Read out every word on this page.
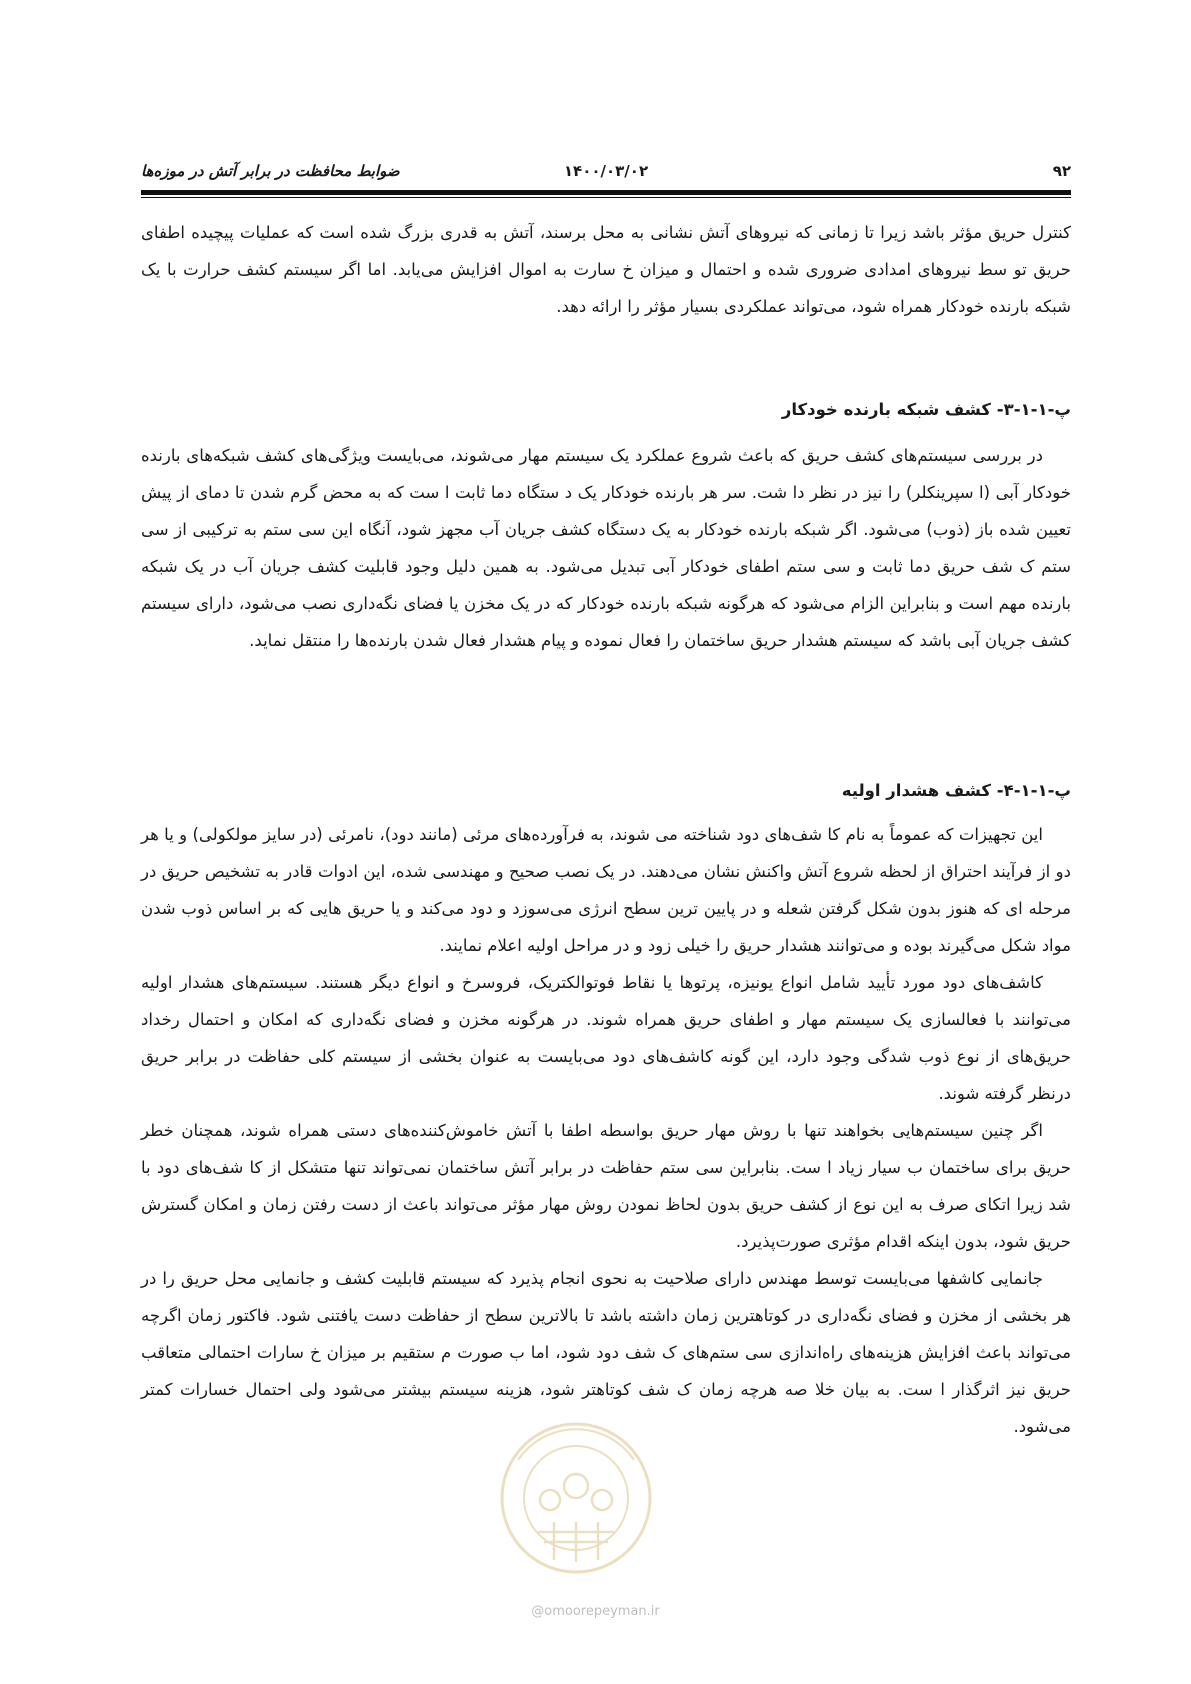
۹۲
۱۴۰۰/۰۳/۰۲
ضوابط محافظت در برابر آتش در موزه‌ها

کنترل حریق مؤثر باشد زیرا تا زمانی که نیروهای آتش نشانی به محل برسند، آتش به قدری بزرگ شده است که عملیات پیچیده اطفای حریق تو سط نیروهای امدادی ضروری شده و احتمال و میزان خ سارت به اموال افزایش می‌یابد. اما اگر سیستم کشف حرارت با یک شبکه بارنده خودکار همراه شود، می‌تواند عملکردی بسیار مؤثر را ارائه دهد.

پ-۱-۱-۳- کشف شبکه بارنده خودکار

در بررسی سیستم‌های کشف حریق که باعث شروع عملکرد یک سیستم مهار می‌شوند، می‌بایست ویژگی‌های کشف شبکه‌های بارنده خودکار آبی (ا سپرینکلر) را نیز در نظر دا شت. سر هر بارنده خودکار یک د ستگاه دما ثابت ا ست که به محض گرم شدن تا دمای از پیش تعیین شده باز (ذوب) می‌شود. اگر شبکه بارنده خودکار به یک دستگاه کشف جریان آب مجهز شود، آنگاه این سی ستم به ترکیبی از سی ستم ک شف حریق دما ثابت و سی ستم اطفای خودکار آبی تبدیل می‌شود. به همین دلیل وجود قابلیت کشف جریان آب در یک شبکه بارنده مهم است و بنابراین الزام می‌شود که هرگونه شبکه بارنده خودکار که در یک مخزن یا فضای نگه‌داری نصب می‌شود، دارای سیستم کشف جریان آبی باشد که سیستم هشدار حریق ساختمان را فعال نموده و پیام هشدار فعال شدن بارنده‌ها را منتقل نماید.

پ-۱-۱-۴- کشف هشدار اولیه

این تجهیزات که عموماً به نام کا شف‌های دود شناخته می شوند، به فرآورده‌های مرئی (مانند دود)، نامرئی (در سایز مولکولی) و یا هر دو از فرآیند احتراق از لحظه شروع آتش واکنش نشان می‌دهند. در یک نصب صحیح و مهندسی شده، این ادوات قادر به تشخیص حریق در مرحله ای که هنوز بدون شکل گرفتن شعله و در پایین ترین سطح انرژی می‌سوزد و دود می‌کند و یا حریق هایی که بر اساس ذوب شدن مواد شکل می‌گیرند بوده و می‌توانند هشدار حریق را خیلی زود و در مراحل اولیه اعلام نمایند.

کاشف‌های دود مورد تأیید شامل انواع یونیزه، پرتوها یا نقاط فوتوالکتریک، فروسرخ و انواع دیگر هستند. سیستم‌های هشدار اولیه می‌توانند با فعالسازی یک سیستم مهار و اطفای حریق همراه شوند. در هرگونه مخزن و فضای نگه‌داری که امکان و احتمال رخداد حریق‌های از نوع ذوب شدگی وجود دارد، این گونه کاشف‌های دود می‌بایست به عنوان بخشی از سیستم کلی حفاظت در برابر حریق درنظر گرفته شوند.

اگر چنین سیستم‌هایی بخواهند تنها با روش مهار حریق بواسطه اطفا با آتش خاموش‌کننده‌های دستی همراه شوند، همچنان خطر حریق برای ساختمان ب سیار زیاد ا ست. بنابراین سی ستم حفاظت در برابر آتش ساختمان نمی‌تواند تنها متشکل از کا شف‌های دود با شد زیرا اتکای صرف به این نوع از کشف حریق بدون لحاظ نمودن روش مهار مؤثر می‌تواند باعث از دست رفتن زمان و امکان گسترش حریق شود، بدون اینکه اقدام مؤثری صورت‌پذیرد.

جانمایی کاشفها می‌بایست توسط مهندس دارای صلاحیت به نحوی انجام پذیرد که سیستم قابلیت کشف و جانمایی محل حریق را در هر بخشی از مخزن و فضای نگه‌داری در کوتاهترین زمان داشته باشد تا بالاترین سطح از حفاظت دست یافتنی شود. فاکتور زمان اگرچه می‌تواند باعث افزایش هزینه‌های راه‌اندازی سی ستم‌های ک شف دود شود، اما ب صورت م ستقیم بر میزان خ سارات احتمالی متعاقب حریق نیز اثرگذار ا ست. به بیان خلا صه هرچه زمان ک شف کوتاهتر شود، هزینه سیستم بیشتر می‌شود ولی احتمال خسارات کمتر می‌شود.

@omoorepeyman.ir
